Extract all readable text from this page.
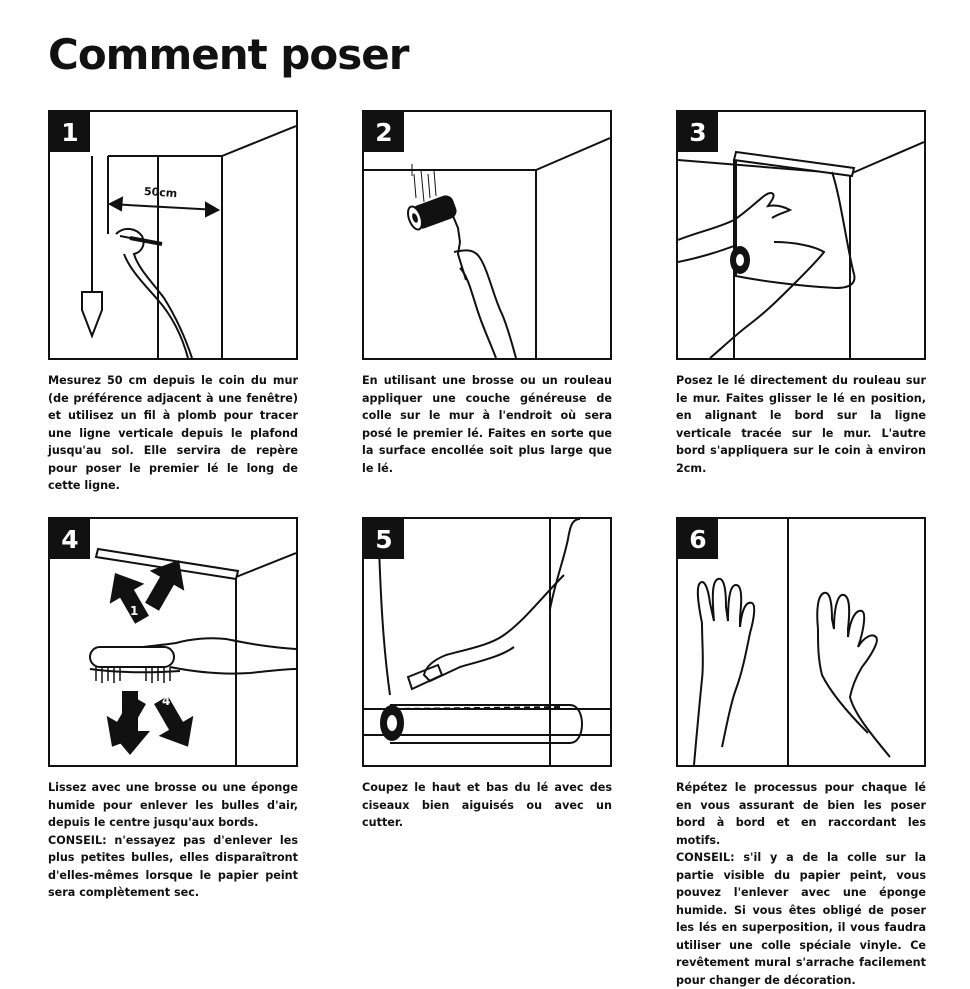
Comment poser
1
50cm

Mesurez 50 cm depuis le coin du mur (de préférence adjacent à une fenêtre) et utilisez un fil à plomb pour tracer une ligne verticale depuis le plafond jusqu'au sol. Elle servira de repère pour poser le premier lé le long de cette ligne.

2

En utilisant une brosse ou un rouleau appliquer une couche généreuse de colle sur le mur à l'endroit où sera posé le premier lé. Faites en sorte que la surface encollée soit plus large que le lé.

3

Posez le lé directement du rouleau sur le mur. Faites glisser le lé en position, en alignant le bord sur la ligne verticale tracée sur le mur. L'autre bord s'appliquera sur le coin à environ 2cm.

4
1
2
3	4
5

Lissez avec une brosse ou une éponge humide pour enlever les bulles d'air, depuis le centre jusqu'aux bords.

CONSEIL: n'essayez pas d'enlever les plus petites bulles, elles disparaîtront d'elles-mêmes lorsque le papier peint sera complètement sec.

5

Coupez le haut et bas du lé avec des ciseaux bien aiguisés ou avec un cutter.

6

Répétez le processus pour chaque lé en vous assurant de bien les poser bord à bord et en raccordant les motifs.

CONSEIL: s'il y a de la colle sur la partie visible du papier peint, vous pouvez l'enlever avec une éponge humide. Si vous êtes obligé de poser les lés en superposition, il vous faudra utiliser une colle spéciale vinyle. Ce revêtement mural s'arrache facilement pour changer de décoration.
